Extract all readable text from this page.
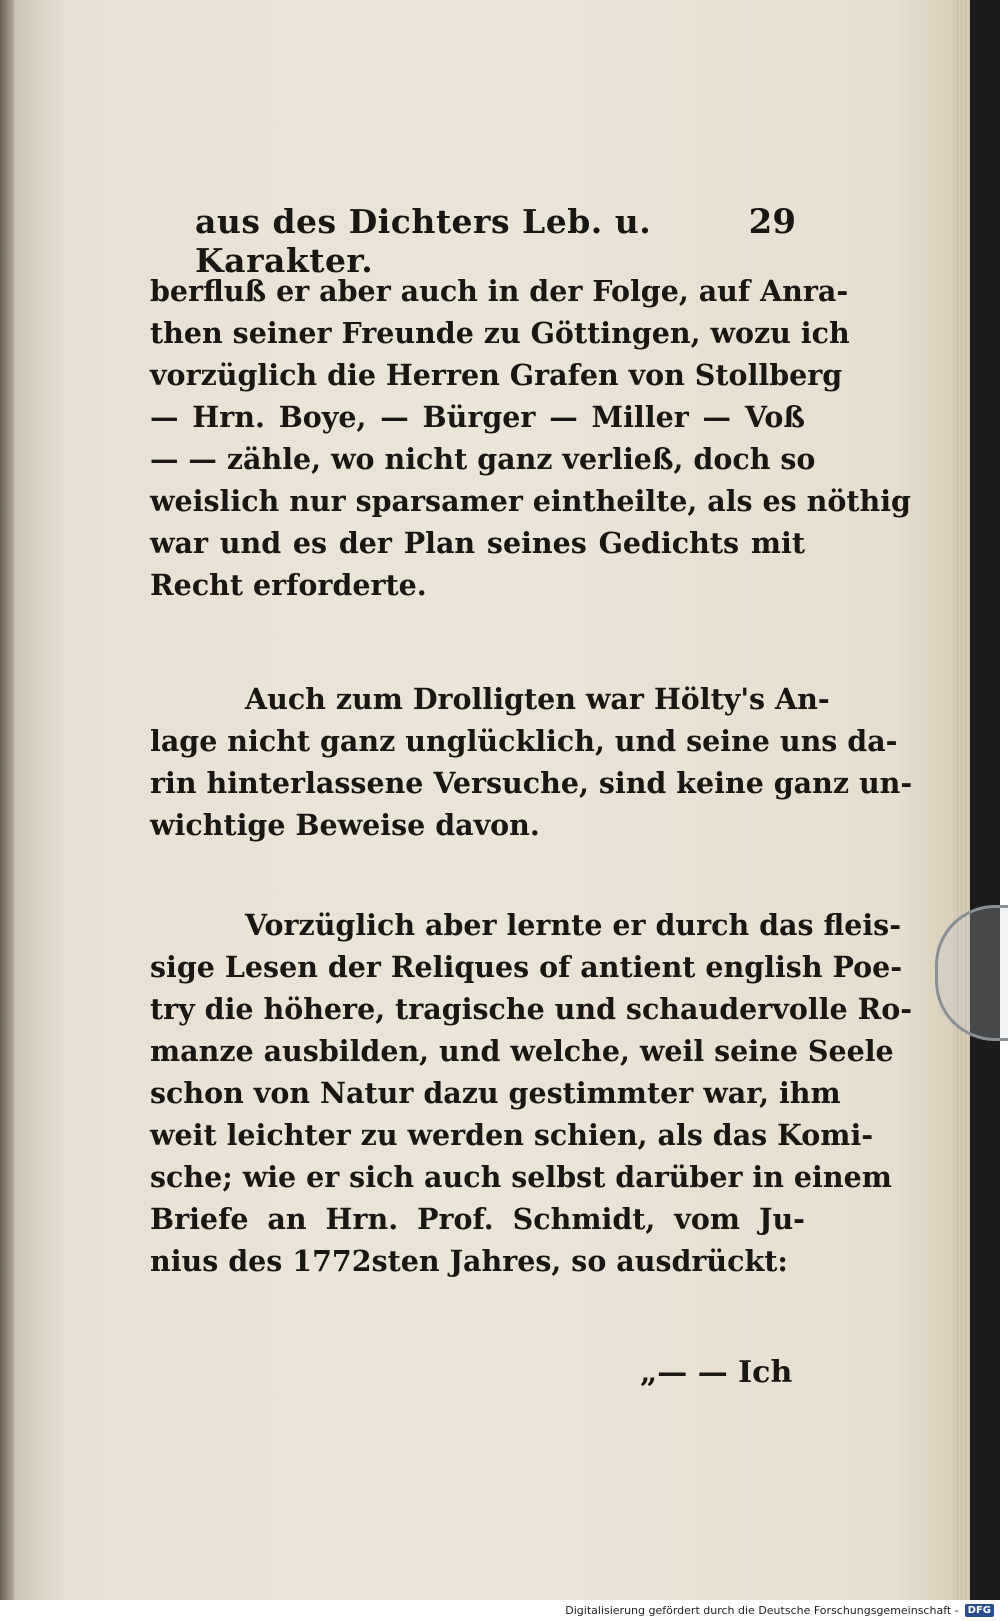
aus des Dichters Leb. u. Karakter.
29
berfluß er aber auch in der Folge, auf Anra-
then seiner Freunde zu Göttingen, wozu ich
vorzüglich die Herren Grafen von Stollberg
— Hrn. Boye, — Bürger — Miller — Voß
— — zähle, wo nicht ganz verließ, doch so
weislich nur sparsamer eintheilte, als es nöthig
war und es der Plan seines Gedichts mit
Recht erforderte.
Auch zum Drolligten war Hölty's An-
lage nicht ganz unglücklich, und seine uns da-
rin hinterlassene Versuche, sind keine ganz un-
wichtige Beweise davon.
Vorzüglich aber lernte er durch das fleis-
sige Lesen der Reliques of antient english Poe-
try die höhere, tragische und schaudervolle Ro-
manze ausbilden, und welche, weil seine Seele
schon von Natur dazu gestimmter war, ihm
weit leichter zu werden schien, als das Komi-
sche; wie er sich auch selbst darüber in einem
Briefe an Hrn. Prof. Schmidt, vom Ju-
nius des 1772sten Jahres, so ausdrückt:
„— — Ich
Digitalisierung gefördert durch die Deutsche Forschungsgemeinschaft - DFG
